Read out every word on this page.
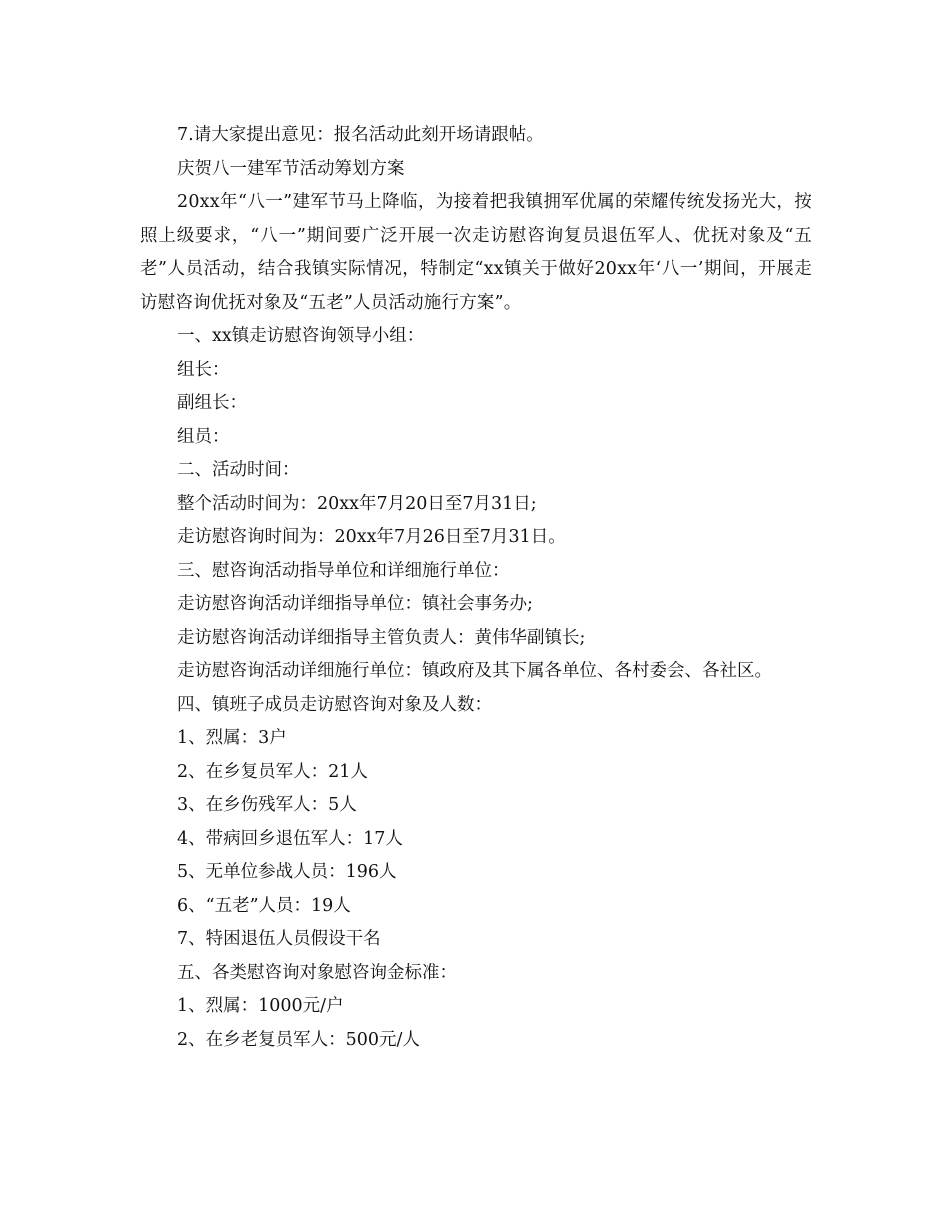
7.请大家提出意见：报名活动此刻开场请跟帖。

庆贺八一建军节活动筹划方案

20xx年“八一”建军节马上降临，为接着把我镇拥军优属的荣耀传统发扬光大，按照上级要求，“八一”期间要广泛开展一次走访慰咨询复员退伍军人、优抚对象及“五老”人员活动，结合我镇实际情况，特制定“xx镇关于做好20xx年‘八一’期间，开展走访慰咨询优抚对象及“五老”人员活动施行方案”。

一、xx镇走访慰咨询领导小组：

组长：

副组长：

组员：

二、活动时间：

整个活动时间为：20xx年7月20日至7月31日;

走访慰咨询时间为：20xx年7月26日至7月31日。

三、慰咨询活动指导单位和详细施行单位：

走访慰咨询活动详细指导单位：镇社会事务办;

走访慰咨询活动详细指导主管负责人：黄伟华副镇长;

走访慰咨询活动详细施行单位：镇政府及其下属各单位、各村委会、各社区。

四、镇班子成员走访慰咨询对象及人数：

1、烈属：3户

2、在乡复员军人：21人

3、在乡伤残军人：5人

4、带病回乡退伍军人：17人

5、无单位参战人员：196人

6、“五老”人员：19人

7、特困退伍人员假设干名

五、各类慰咨询对象慰咨询金标准：

1、烈属：1000元/户

2、在乡老复员军人：500元/人
